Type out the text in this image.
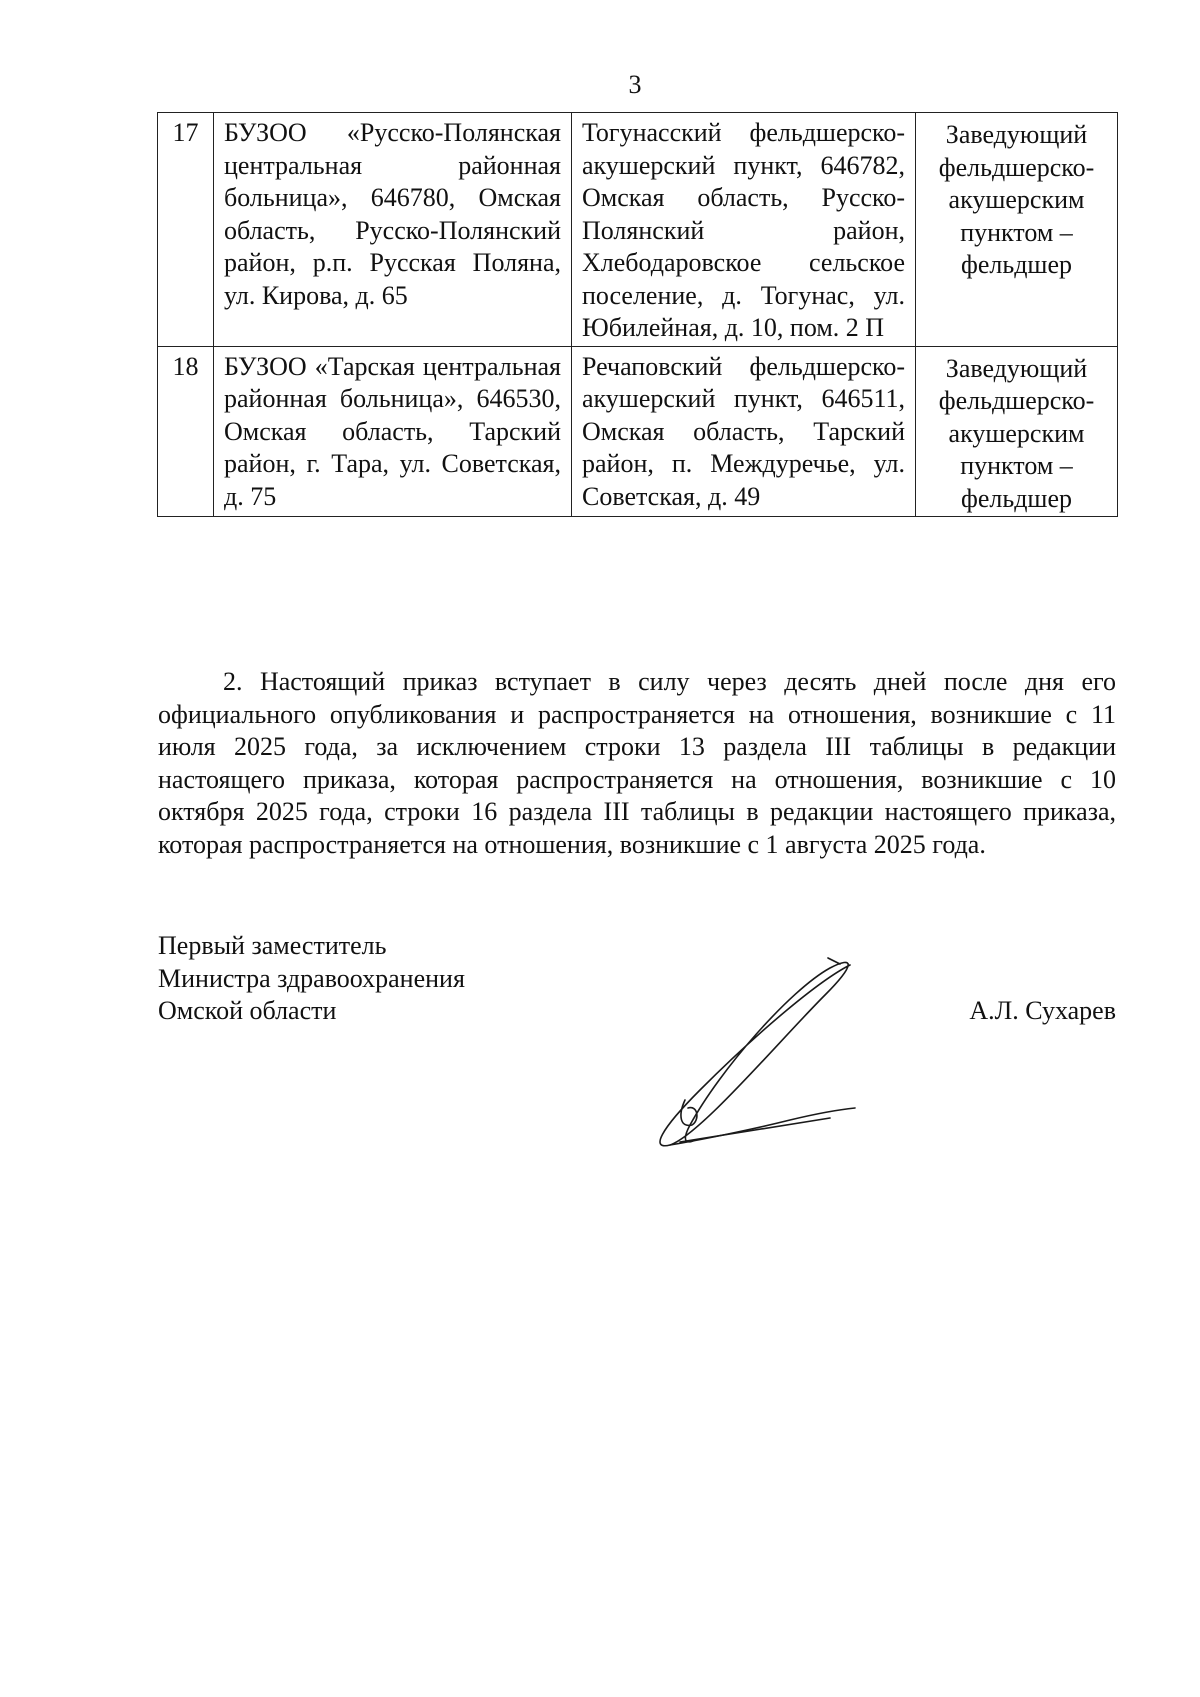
3
17	БУЗОО «Русско-Полянская центральная районная больница», 646780, Омская область, Русско-Полянский район, р.п. Русская Поляна, ул. Кирова, д. 65	Тогунасский фельдшерско-акушерский пункт, 646782, Омская область, Русско-Полянский район, Хлебодаровское сельское поселение, д. Тогунас, ул. Юбилейная, д. 10, пом. 2 П	Заведующий фельдшерско-акушерским пунктом – фельдшер
18	БУЗОО «Тарская центральная районная больница», 646530, Омская область, Тарский район, г. Тара, ул. Советская, д. 75	Речаповский фельдшерско-акушерский пункт, 646511, Омская область, Тарский район, п. Междуречье, ул. Советская, д. 49	Заведующий фельдшерско-акушерским пунктом – фельдшер

2. Настоящий приказ вступает в силу через десять дней после дня его официального опубликования и распространяется на отношения, возникшие с 11 июля 2025 года, за исключением строки 13 раздела III таблицы в редакции настоящего приказа, которая распространяется на отношения, возникшие с 10 октября 2025 года, строки 16 раздела III таблицы в редакции настоящего приказа, которая распространяется на отношения, возникшие с 1 августа 2025 года.

Первый заместитель
Министра здравоохранения
Омской области	А.Л. Сухарев
